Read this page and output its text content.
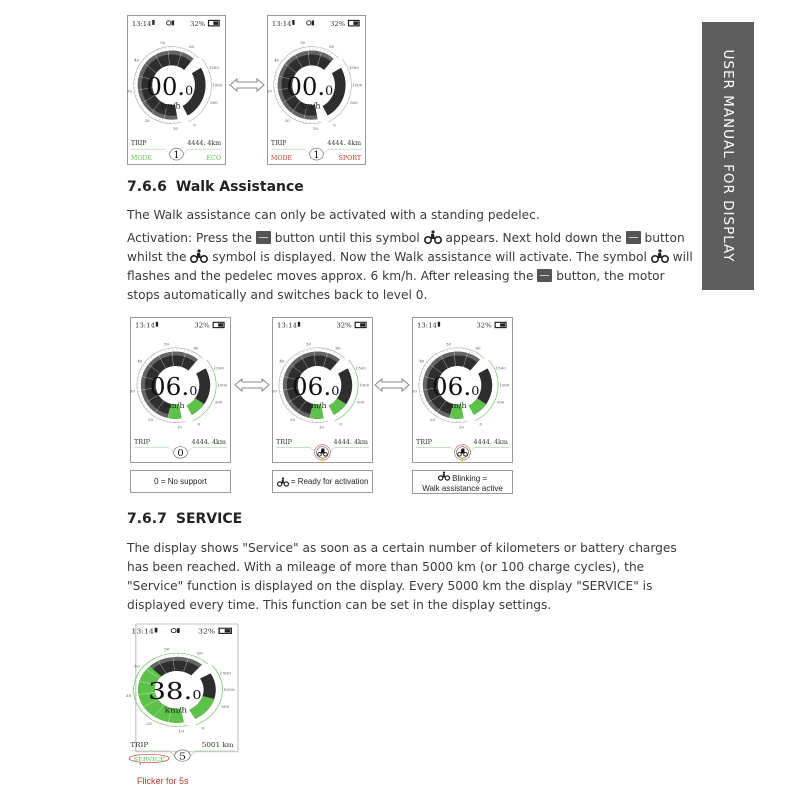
USER MANUAL FOR DISPLAY
13:14	32%
10
20
30
40
50
60
0
500
1000
1500
00. 0
km/h
TRIP	4444. 4km
1
MODE	ECO
13:14	32%
10
20
30
40
50
60
0
500
1000
1500
00. 0
km/h
TRIP	4444. 4km
1
MODE	SPORT
7.6.6 Walk Assistance

The Walk assistance can only be activated with a standing pedelec.

Activation: Press the button until this symbol appears. Next hold down the button whilst the symbol is displayed. Now the Walk assistance will activate. The symbol will flashes and the pedelec moves approx. 6 km/h. After releasing the button, the motor stops automatically and switches back to level 0.

13:14	32%
10
20
30
40
50
60
0
500
1000
1500
06. 0
km/h
TRIP	4444. 4km
0
13:14	32%
10
20
30
40
50
60
0
500
1000
1500
06. 0
km/h
TRIP	4444. 4km
13:14	32%
10
20
30
40
50
60
0
500
1000
1500
06. 0
km/h
TRIP	4444. 4km
0 = No support
	= Ready for activation	Blinking =
Walk assistance active
7.6.7 SERVICE

The display shows "Service" as soon as a certain number of kilometers or battery charges has been reached. With a mileage of more than 5000 km (or 100 charge cycles), the "Service" function is displayed on the display. Every 5000 km the display "SERVICE" is displayed every time. This function can be set in the display settings.

13:14	32%
10
20
30
40
50
60
0
500
1000
1500
38. 0
km/h
TRIP	5001 km
5
SERVICE
Flicker for 5s
